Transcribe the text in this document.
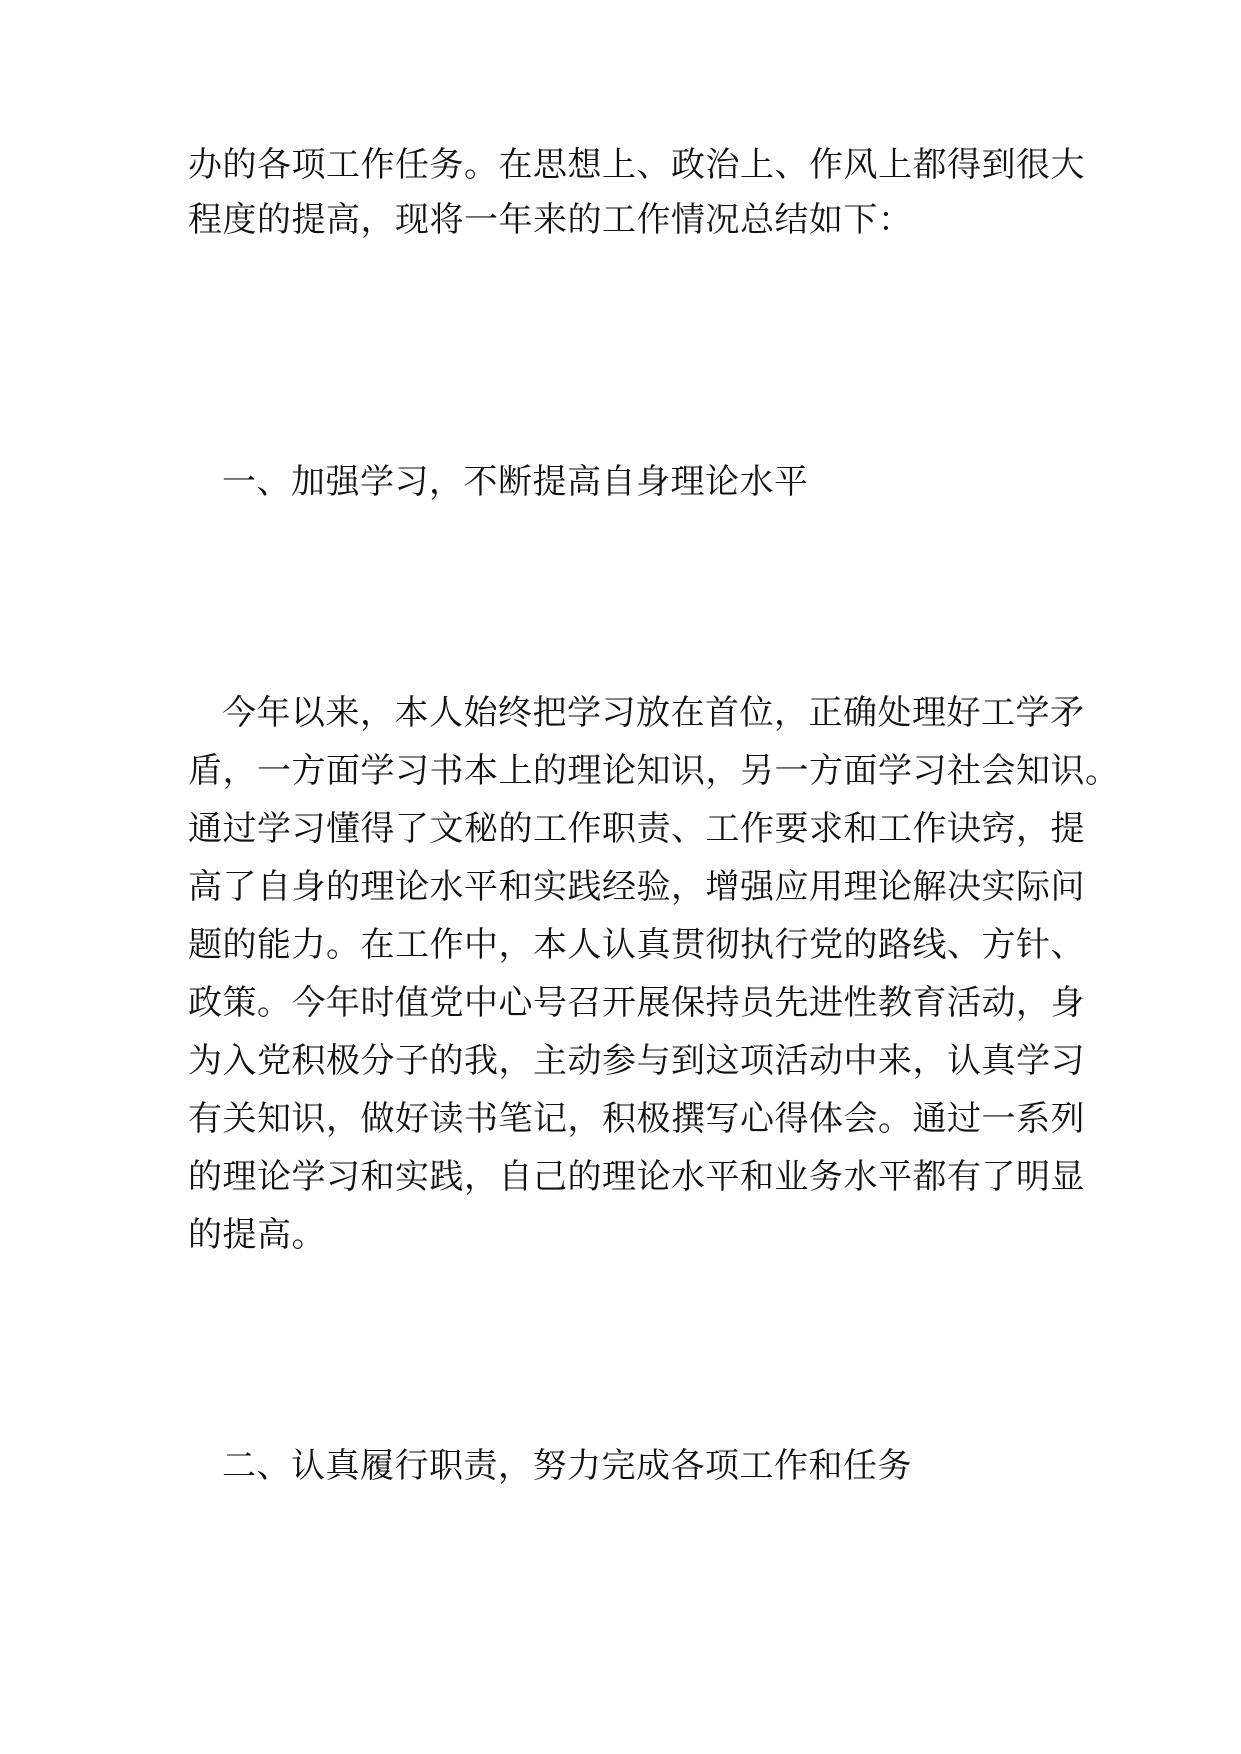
办的各项工作任务。在思想上、政治上、作风上都得到很大
程度的提高，现将一年来的工作情况总结如下：
一、加强学习，不断提高自身理论水平
今年以来，本人始终把学习放在首位，正确处理好工学矛
盾，一方面学习书本上的理论知识，另一方面学习社会知识。
通过学习懂得了文秘的工作职责、工作要求和工作诀窍，提
高了自身的理论水平和实践经验，增强应用理论解决实际问
题的能力。在工作中，本人认真贯彻执行党的路线、方针、
政策。今年时值党中心号召开展保持员先进性教育活动，身
为入党积极分子的我，主动参与到这项活动中来，认真学习
有关知识，做好读书笔记，积极撰写心得体会。通过一系列
的理论学习和实践，自己的理论水平和业务水平都有了明显
的提高。
二、认真履行职责，努力完成各项工作和任务
